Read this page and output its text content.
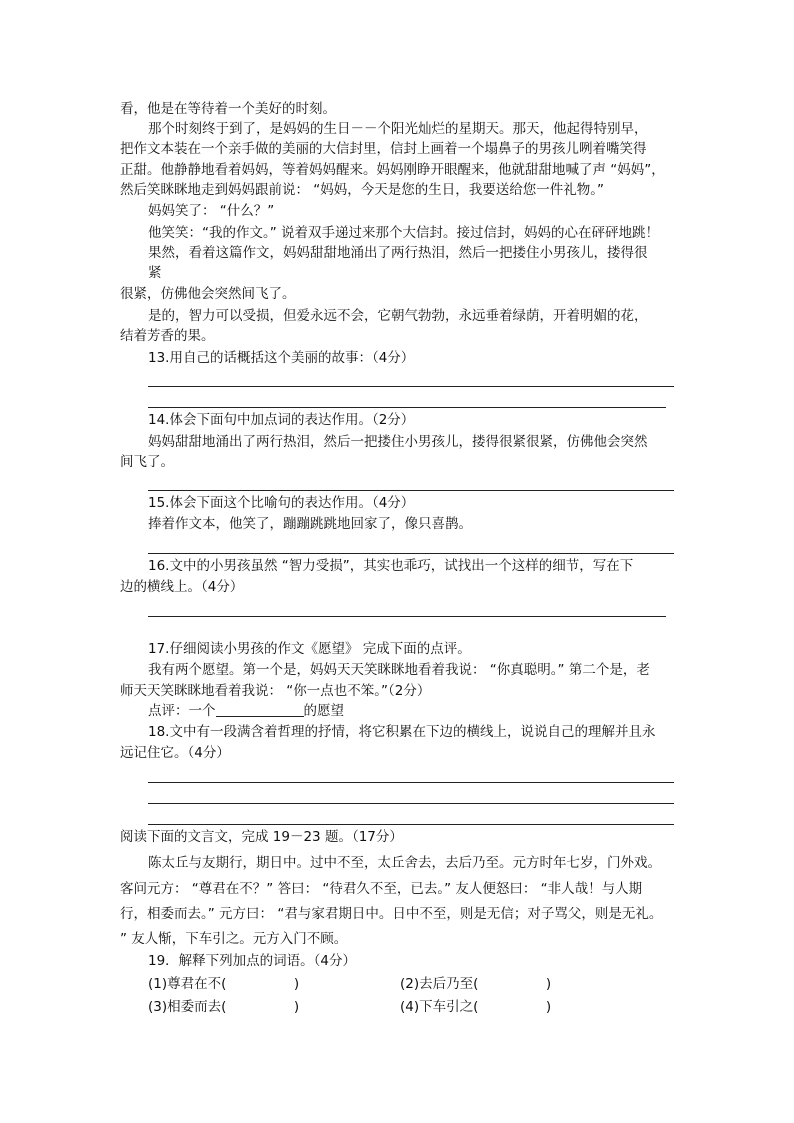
看，他是在等待着一个美好的时刻。
那个时刻终于到了，是妈妈的生日－－个阳光灿烂的星期天。那天，他起得特别早，
把作文本装在一个亲手做的美丽的大信封里，信封上画着一个塌鼻子的男孩儿咧着嘴笑得
正甜。他静静地看着妈妈，等着妈妈醒来。妈妈刚睁开眼醒来，他就甜甜地喊了声 “妈妈”，
然后笑眯眯地走到妈妈跟前说： “妈妈，今天是您的生日，我要送给您一件礼物。”
妈妈笑了： “什么？”
他笑笑：“我的作文。” 说着双手递过来那个大信封。接过信封，妈妈的心在砰砰地跳！
果然，看着这篇作文，妈妈甜甜地涌出了两行热泪，然后一把搂住小男孩儿，搂得很
紧
很紧，仿佛他会突然间飞了。
是的，智力可以受损，但爱永远不会，它朝气勃勃，永远垂着绿荫，开着明媚的花，
结着芳香的果。
13.用自己的话概括这个美丽的故事：（4分）
14.体会下面句中加点词的表达作用。（2分）
妈妈甜甜地涌出了两行热泪，然后一把搂住小男孩儿，搂得很紧很紧，仿佛他会突然
间飞了。
15.体会下面这个比喻句的表达作用。（4分）
捧着作文本，他笑了，蹦蹦跳跳地回家了，像只喜鹊。
16.文中的小男孩虽然 “智力受损”，其实也乖巧，试找出一个这样的细节，写在下
边的横线上。（4分）
17.仔细阅读小男孩的作文《愿望》 完成下面的点评。
我有两个愿望。第一个是，妈妈天天笑眯眯地看着我说： “你真聪明。” 第二个是，老
师天天笑眯眯地看着我说： “你一点也不笨。”（2分）
点评：一个	的愿望
18.文中有一段满含着哲理的抒情，将它积累在下边的横线上，说说自己的理解并且永
远记住它。（4分）
阅读下面的文言文，完成 19－23 题。（17分）
陈太丘与友期行，期日中。过中不至，太丘舍去，去后乃至。元方时年七岁，门外戏。
客问元方： “尊君在不？” 答曰： “待君久不至，已去。” 友人便怒曰： “非人哉！与人期
行，相委而去。” 元方曰： “君与家君期日中。日中不至，则是无信；对子骂父，则是无礼。
” 友人惭，下车引之。元方入门不顾。
19．解释下列加点的词语。（4分）
(1)尊君在不(　　　　　)	(2)去后乃至(　　　　　)
(3)相委而去(　　　　　)	(4)下车引之(　　　　　)
